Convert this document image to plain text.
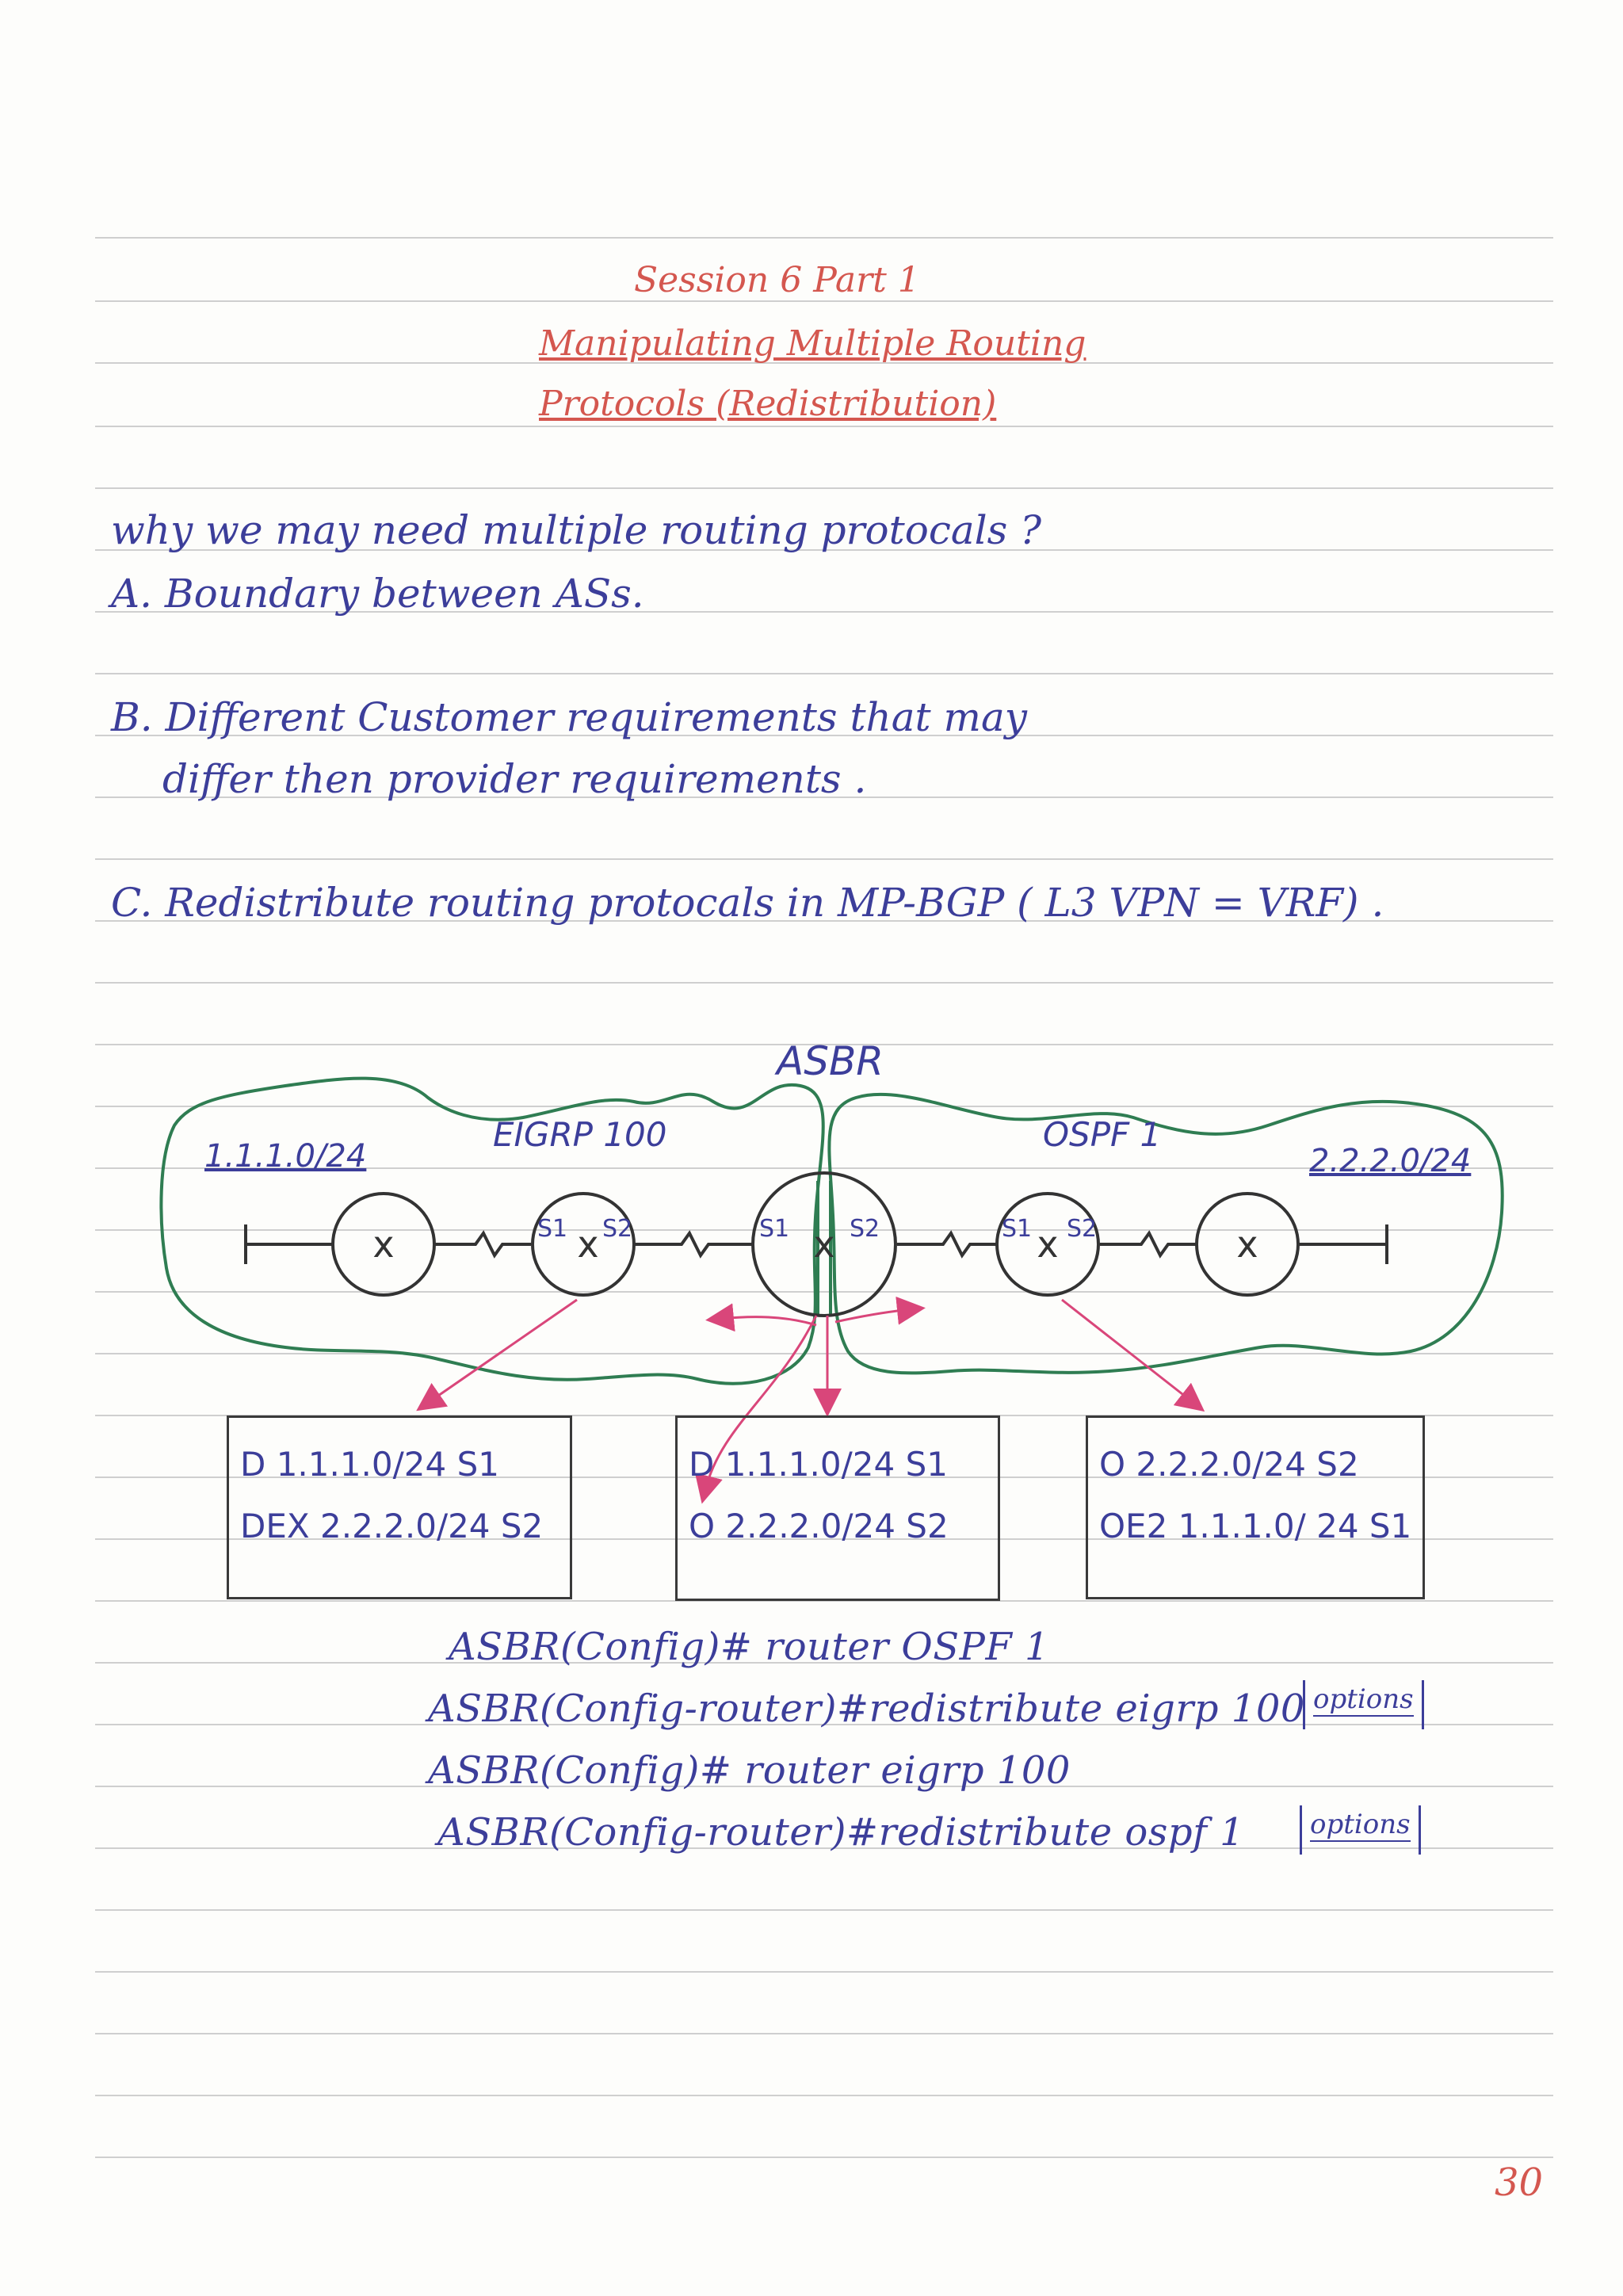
Session 6 Part 1
Manipulating Multiple Routing
Protocols (Redistribution)
why we may need multiple routing protocals ?
A. Boundary between ASs.
B. Different Customer requirements that may
differ then provider requirements .
C. Redistribute routing protocals in MP-BGP ( L3 VPN = VRF) .
x	x	x	x	x
S1 S2	S1	S2	S1 S2
ASBR
EIGRP 100	OSPF 1
1.1.1.0/24	2.2.2.0/24
D 1.1.1.0/24 S1
DEX 2.2.2.0/24 S2
D 1.1.1.0/24 S1
O 2.2.2.0/24 S2
O 2.2.2.0/24 S2
OE2 1.1.1.0/ 24 S1
ASBR(Config)# router OSPF 1
ASBR(Config-router)#redistribute eigrp 100 options
ASBR(Config)# router eigrp 100
ASBR(Config-router)#redistribute ospf 1	options
30
